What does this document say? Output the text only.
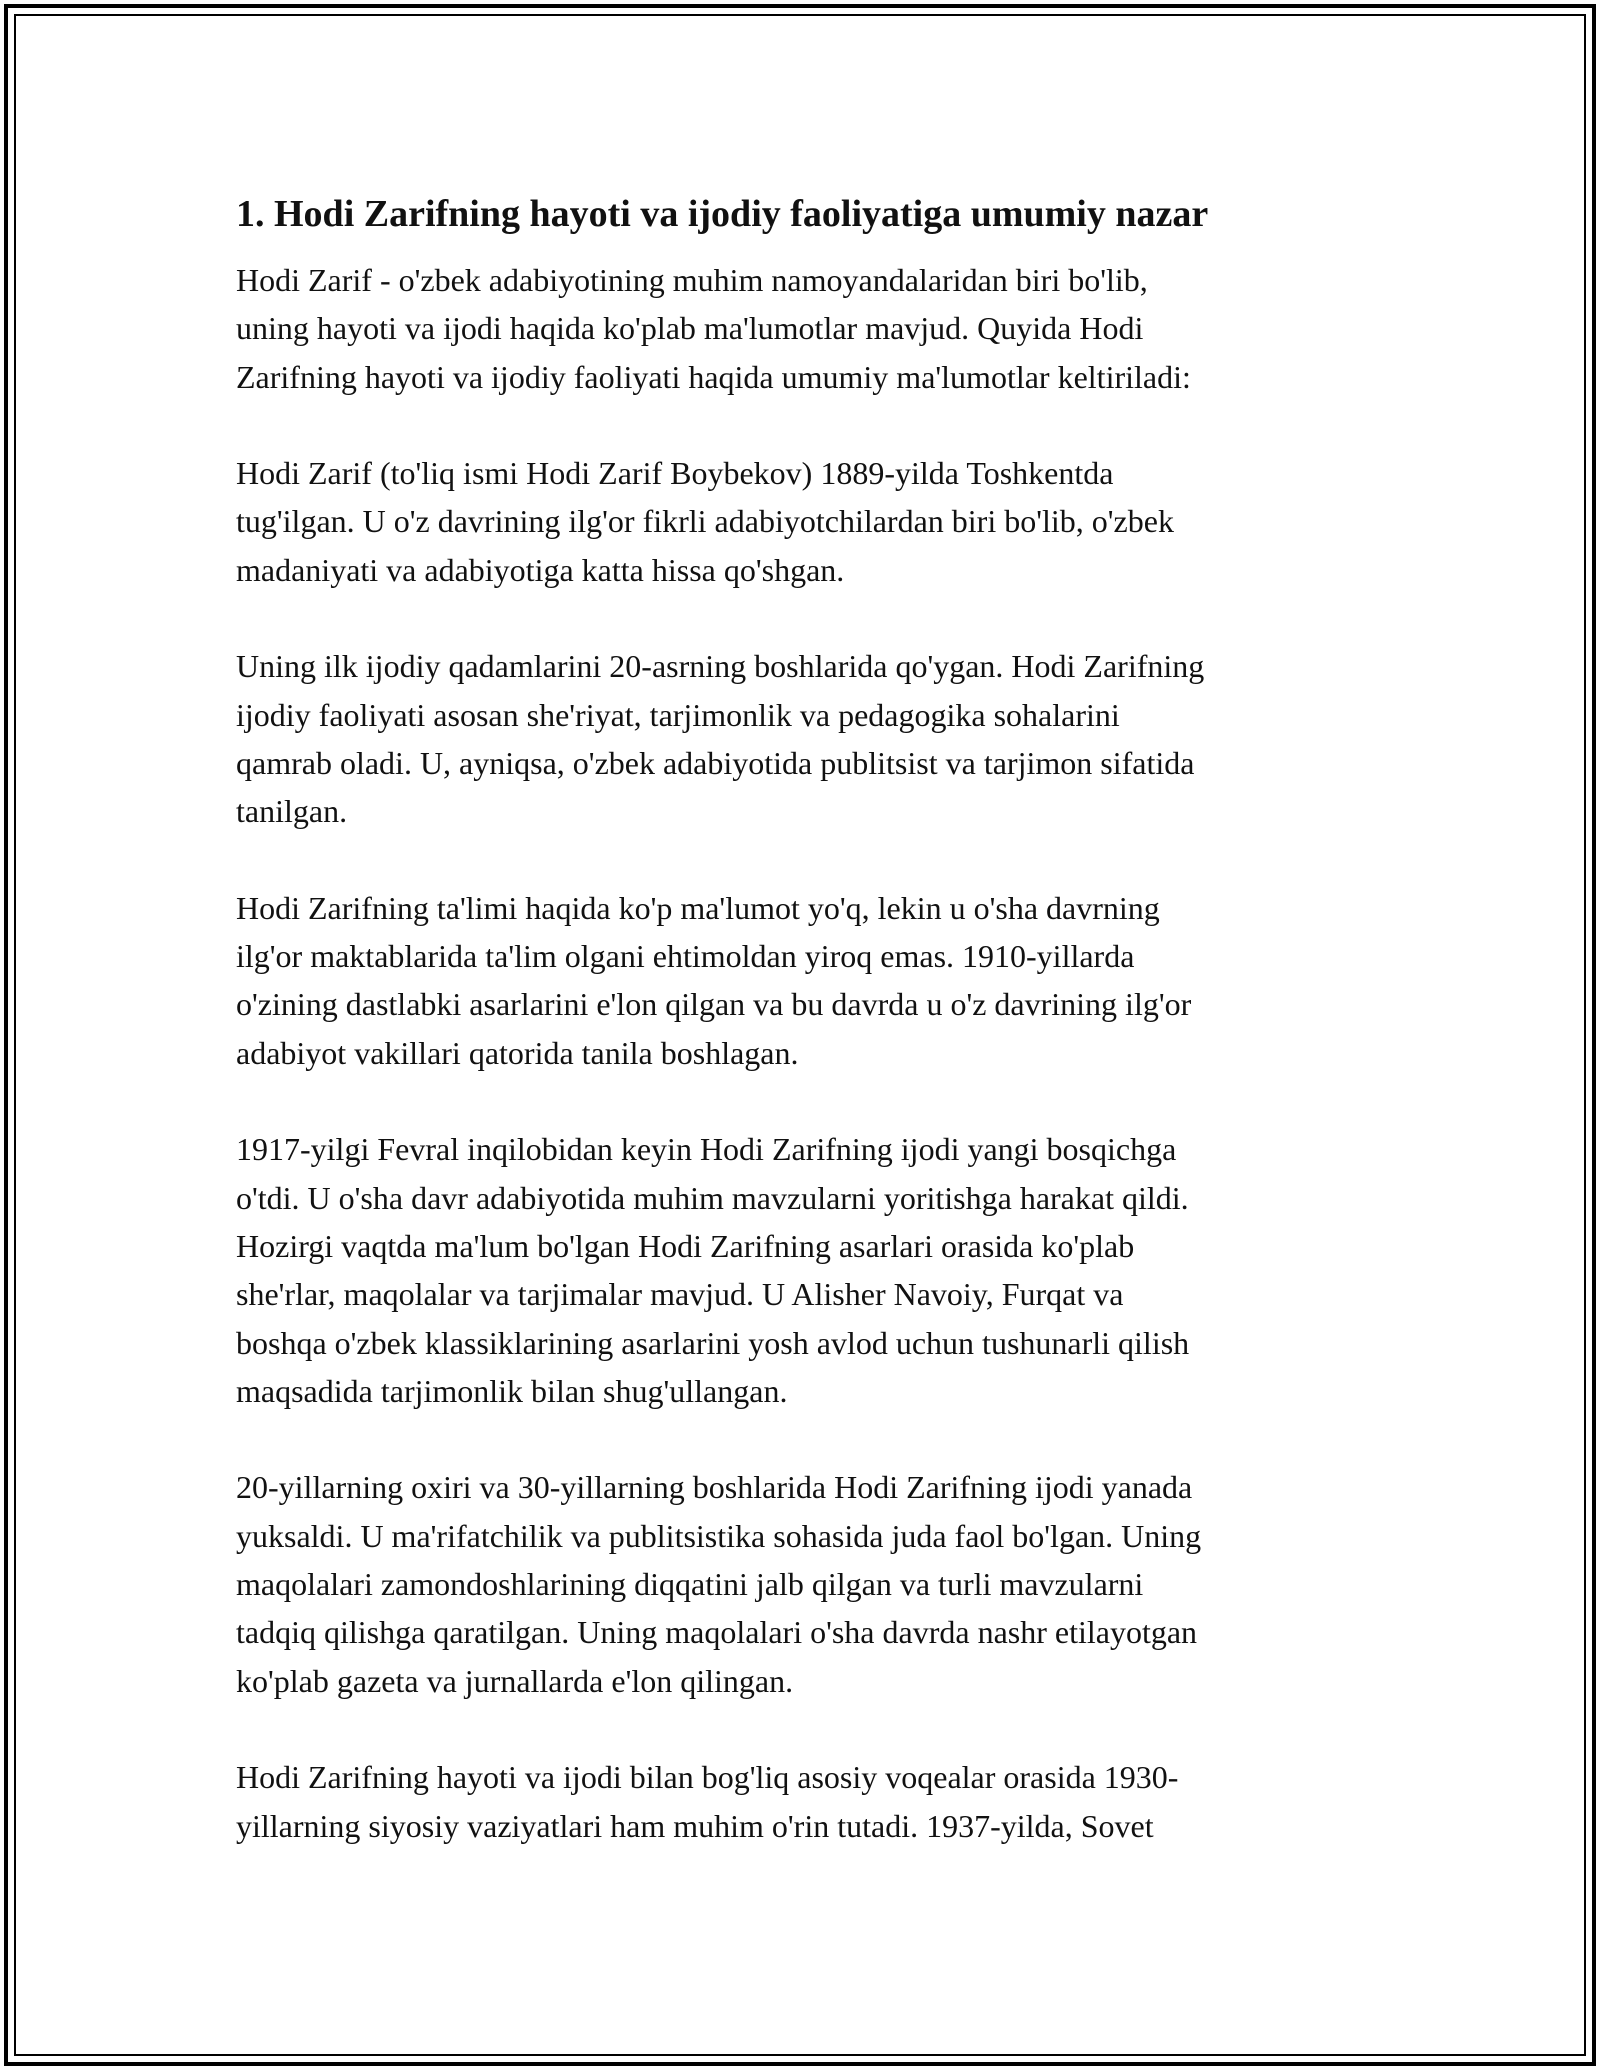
1. Hodi Zarifning hayoti va ijodiy faoliyatiga umumiy nazar
Hodi Zarif - o'zbek adabiyotining muhim namoyandalaridan biri bo'lib,
uning hayoti va ijodi haqida ko'plab ma'lumotlar mavjud. Quyida Hodi
Zarifning hayoti va ijodiy faoliyati haqida umumiy ma'lumotlar keltiriladi:
Hodi Zarif (to'liq ismi Hodi Zarif Boybekov) 1889-yilda Toshkentda
tug'ilgan. U o'z davrining ilg'or fikrli adabiyotchilardan biri bo'lib, o'zbek
madaniyati va adabiyotiga katta hissa qo'shgan.
Uning ilk ijodiy qadamlarini 20-asrning boshlarida qo'ygan. Hodi Zarifning
ijodiy faoliyati asosan she'riyat, tarjimonlik va pedagogika sohalarini
qamrab oladi. U, ayniqsa, o'zbek adabiyotida publitsist va tarjimon sifatida
tanilgan.
Hodi Zarifning ta'limi haqida ko'p ma'lumot yo'q, lekin u o'sha davrning
ilg'or maktablarida ta'lim olgani ehtimoldan yiroq emas. 1910-yillarda
o'zining dastlabki asarlarini e'lon qilgan va bu davrda u o'z davrining ilg'or
adabiyot vakillari qatorida tanila boshlagan.
1917-yilgi Fevral inqilobidan keyin Hodi Zarifning ijodi yangi bosqichga
o'tdi. U o'sha davr adabiyotida muhim mavzularni yoritishga harakat qildi.
Hozirgi vaqtda ma'lum bo'lgan Hodi Zarifning asarlari orasida ko'plab
she'rlar, maqolalar va tarjimalar mavjud. U Alisher Navoiy, Furqat va
boshqa o'zbek klassiklarining asarlarini yosh avlod uchun tushunarli qilish
maqsadida tarjimonlik bilan shug'ullangan.
20-yillarning oxiri va 30-yillarning boshlarida Hodi Zarifning ijodi yanada
yuksaldi. U ma'rifatchilik va publitsistika sohasida juda faol bo'lgan. Uning
maqolalari zamondoshlarining diqqatini jalb qilgan va turli mavzularni
tadqiq qilishga qaratilgan. Uning maqolalari o'sha davrda nashr etilayotgan
ko'plab gazeta va jurnallarda e'lon qilingan.
Hodi Zarifning hayoti va ijodi bilan bog'liq asosiy voqealar orasida 1930-
yillarning siyosiy vaziyatlari ham muhim o'rin tutadi. 1937-yilda, Sovet
